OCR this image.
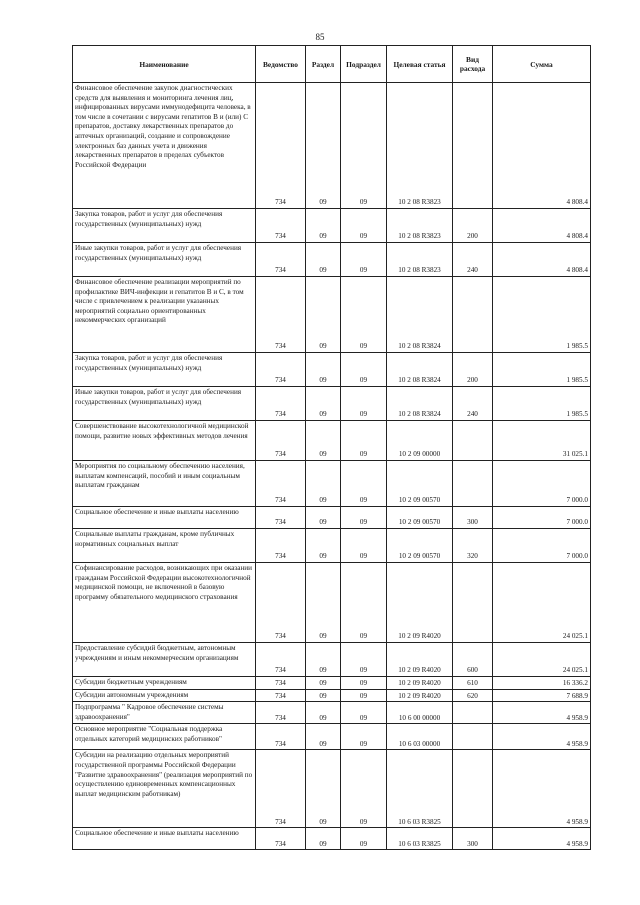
85
Наименование	Ведомство	Раздел	Подраздел	Целевая статья	Вид расхода	Сумма
Финансовое обеспечение закупок диагностических средств для выявления и мониторинга лечения лиц, инфицированных вирусами иммунодефицита человека, в том числе в сочетании с вирусами гепатитов B и (или) C препаратов, доставку лекарственных препаратов до аптечных организаций, создание и сопровождение электронных баз данных учета и движения лекарственных препаратов в пределах субъектов Российской Федерации	734	09	09	10 2 08 R3823		4 808.4
Закупка товаров, работ и услуг для обеспечения государственных (муниципальных) нужд	734	09	09	10 2 08 R3823	200	4 808.4
Иные закупки товаров, работ и услуг для обеспечения государственных (муниципальных) нужд	734	09	09	10 2 08 R3823	240	4 808.4
Финансовое обеспечение реализации мероприятий по профилактике ВИЧ-инфекции и гепатитов B и C, в том числе с привлечением к реализации указанных мероприятий социально ориентированных некоммерческих организаций	734	09	09	10 2 08 R3824		1 985.5
Закупка товаров, работ и услуг для обеспечения государственных (муниципальных) нужд	734	09	09	10 2 08 R3824	200	1 985.5
Иные закупки товаров, работ и услуг для обеспечения государственных (муниципальных) нужд	734	09	09	10 2 08 R3824	240	1 985.5
Совершенствование высокотехнологичной медицинской помощи, развитие новых эффективных методов лечения	734	09	09	10 2 09 00000		31 025.1
Мероприятия по социальному обеспечению населения, выплатам компенсаций, пособий и иным социальным выплатам гражданам	734	09	09	10 2 09 00570		7 000.0
Социальное обеспечение и иные выплаты населению	734	09	09	10 2 09 00570	300	7 000.0
Социальные выплаты гражданам, кроме публичных нормативных социальных выплат	734	09	09	10 2 09 00570	320	7 000.0
Софинансирование расходов, возникающих при оказании гражданам Российской Федерации высокотехнологичной медицинской помощи, не включенной в базовую программу обязательного медицинского страхования	734	09	09	10 2 09 R4020		24 025.1
Предоставление субсидий бюджетным, автономным учреждениям и иным некоммерческим организациям	734	09	09	10 2 09 R4020	600	24 025.1
Субсидии бюджетным учреждениям	734	09	09	10 2 09 R4020	610	16 336.2
Субсидии автономным учреждениям	734	09	09	10 2 09 R4020	620	7 688.9
Подпрограмма " Кадровое обеспечение системы здравоохранения"	734	09	09	10 6 00 00000		4 958.9
Основное мероприятие "Социальная поддержка отдельных категорий медицинских работников"	734	09	09	10 6 03 00000		4 958.9
Субсидии на реализацию отдельных мероприятий государственной программы Российской Федерации "Развитие здравоохранения" (реализация мероприятий по осуществлению единовременных компенсационных выплат медицинским работникам)	734	09	09	10 6 03 R3825		4 958.9
Социальное обеспечение и иные выплаты населению	734	09	09	10 6 03 R3825	300	4 958.9
